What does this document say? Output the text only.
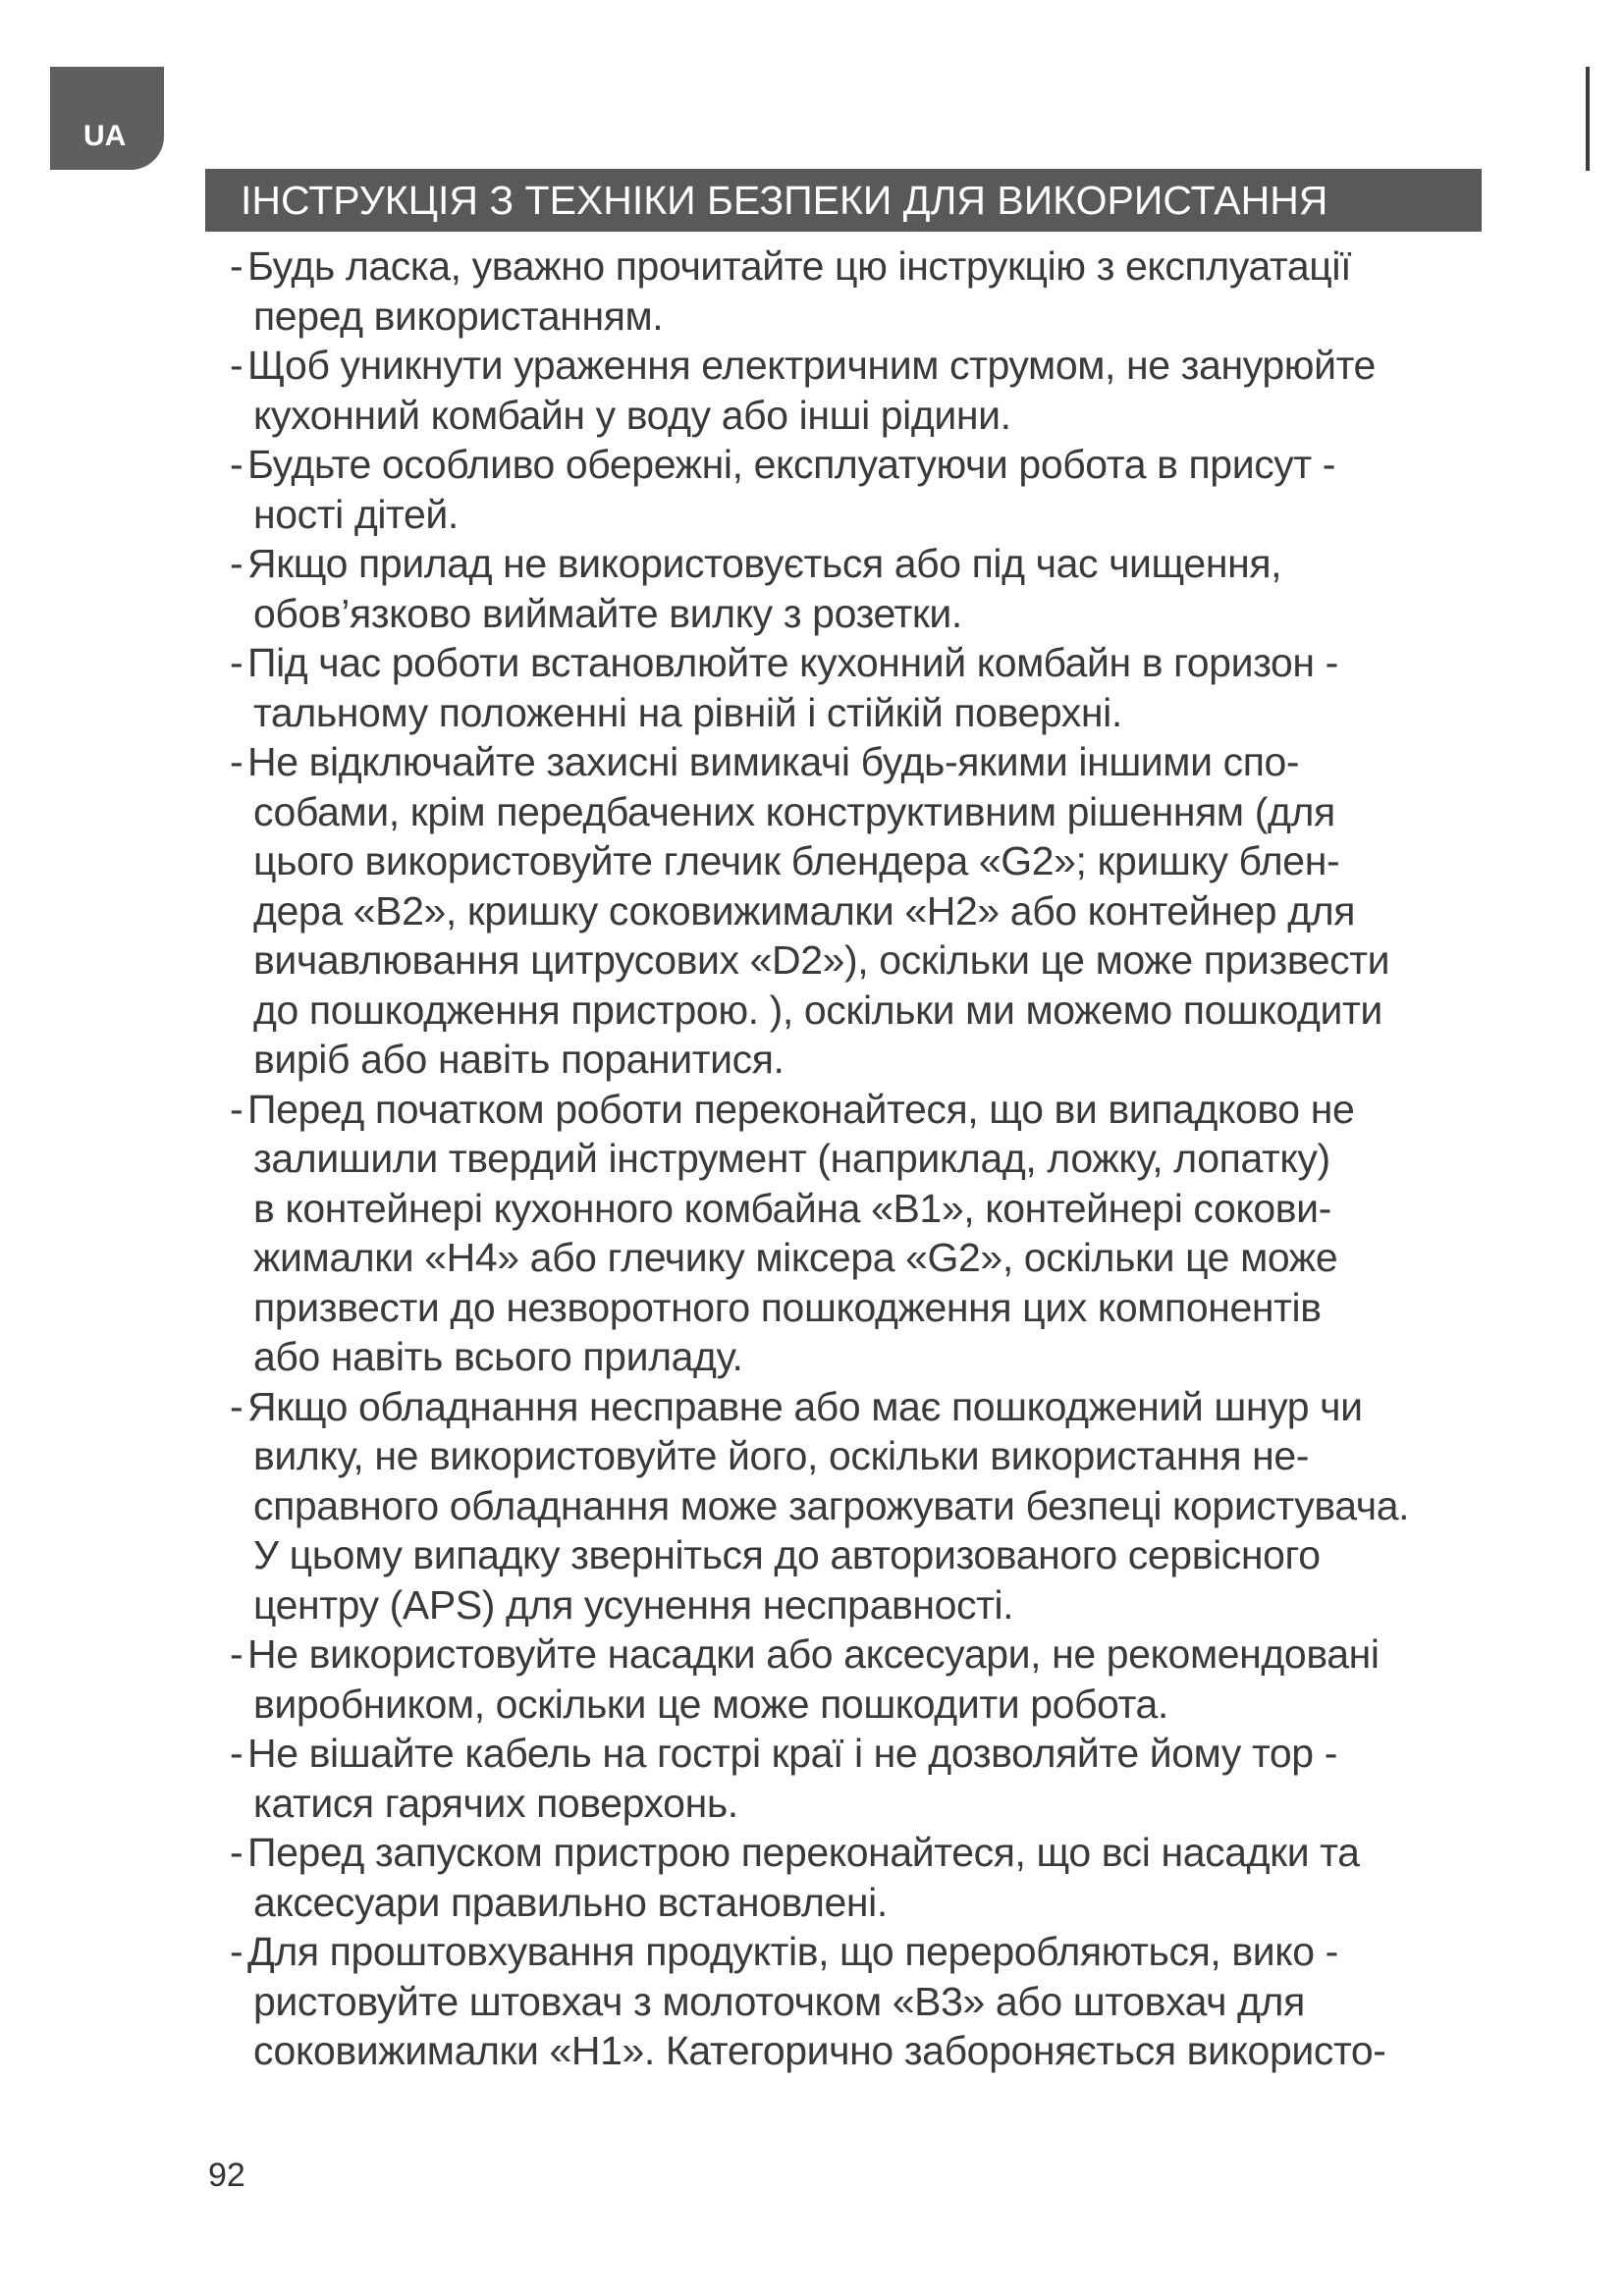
UA
ІНСТРУКЦІЯ З ТЕХНІКИ БЕЗПЕКИ ДЛЯ ВИКОРИСТАННЯ
- Будь ласка, уважно прочитайте цю інструкцію з експлуатації
перед використанням.
- Щоб уникнути ураження електричним струмом, не занурюйте
кухонний комбайн у воду або інші рідини.
- Будьте особливо обережні, експлуатуючи робота в присут -
ності дітей.
- Якщо прилад не використовується або під час чищення,
обов’язково виймайте вилку з розетки.
- Під час роботи встановлюйте кухонний комбайн в горизон -
тальному положенні на рівній і стійкій поверхні.
- Не відключайте захисні вимикачі будь-якими іншими спо-
собами, крім передбачених конструктивним рішенням (для
цього використовуйте глечик блендера «G2»; кришку блен-
дера «B2», кришку соковижималки «H2» або контейнер для
вичавлювання цитрусових «D2»), оскільки це може призвести
до пошкодження пристрою. ), оскільки ми можемо пошкодити
виріб або навіть поранитися.
- Перед початком роботи переконайтеся, що ви випадково не
залишили твердий інструмент (наприклад, ложку, лопатку)
в контейнері кухонного комбайна «B1», контейнері сокови-
жималки «H4» або глечику міксера «G2», оскільки це може
призвести до незворотного пошкодження цих компонентів
або навіть всього приладу.
- Якщо обладнання несправне або має пошкоджений шнур чи
вилку, не використовуйте його, оскільки використання не-
справного обладнання може загрожувати безпеці користувача.
У цьому випадку зверніться до авторизованого сервісного
центру (APS) для усунення несправності.
- Не використовуйте насадки або аксесуари, не рекомендовані
виробником, оскільки це може пошкодити робота.
- Не вішайте кабель на гострі краї і не дозволяйте йому тор -
катися гарячих поверхонь.
- Перед запуском пристрою переконайтеся, що всі насадки та
аксесуари правильно встановлені.
- Для проштовхування продуктів, що переробляються, вико -
ристовуйте штовхач з молоточком «B3» або штовхач для
соковижималки «H1». Категорично забороняється використо-
92
